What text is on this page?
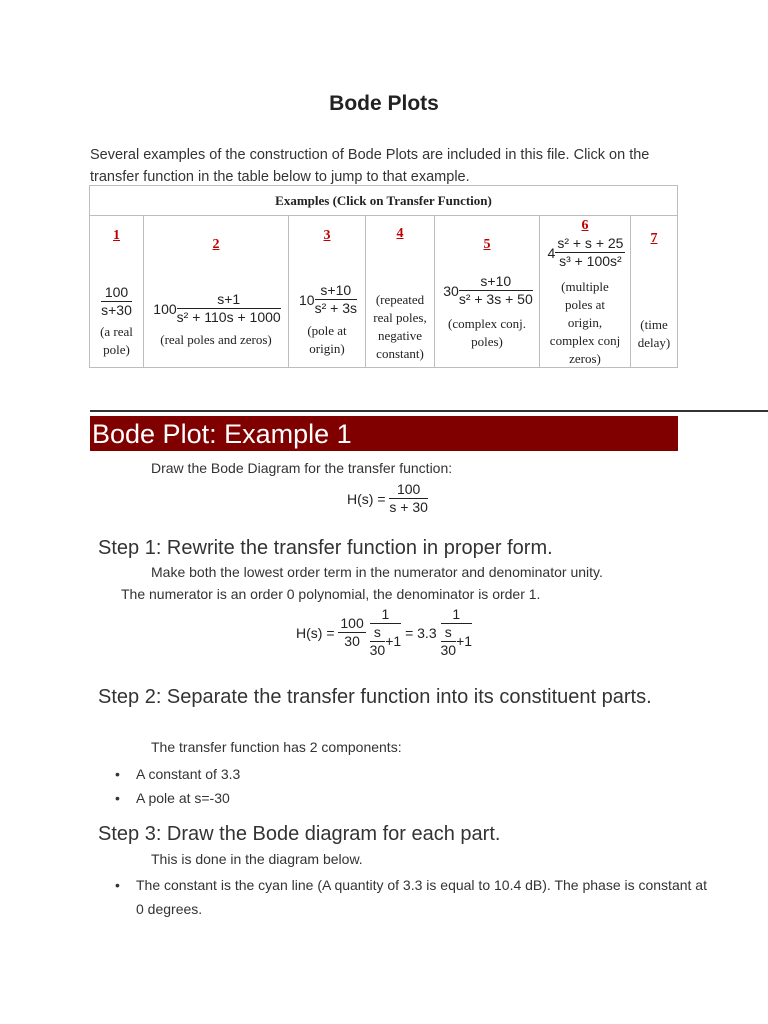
Bode Plots
Several examples of the construction of Bode Plots are included in this file. Click on the transfer function in the table below to jump to that example.
Examples (Click on Transfer Function)

1
$\frac{100}{s+30}$
(a real pole)

2
$100 \frac{s+1}{\text{s² + 110s + 1000}}$
(real poles and zeros)

3
$10 \frac{s+10}{\text{s² + 3s}}$
(pole at origin)

4
(repeated real poles, negative constant)

5
$30 \frac{s+10}{\text{s² + 3s + 50}}$
(complex conj. poles)

6
$4 \frac{\text{s² + s + 25}}{\text{s³ + 100s²}}$
(multiple poles at origin, complex conj zeros)

7
(time delay)
Bode Plot: Example 1
Draw the Bode Diagram for the transfer function:
$H(s) = \frac{100}{s + 30}$
Step 1: Rewrite the transfer function in proper form.
Make both the lowest order term in the numerator and denominator unity.
The numerator is an order 0 polynomial, the denominator is order 1.
$H(s) = \frac{100}{30}$
$\frac{1}{\frac{s}{30} +1} = 3.3 \frac{1}{\frac{s}{30} +1}$
Step 2: Separate the transfer function into its constituent parts.
The transfer function has 2 components:
• A constant of 3.3
• A pole at s=-30
Step 3: Draw the Bode diagram for each part.
This is done in the diagram below.
• The constant is the cyan line (A quantity of 3.3 is equal to 10.4 dB). The phase is constant at 0 degrees.
